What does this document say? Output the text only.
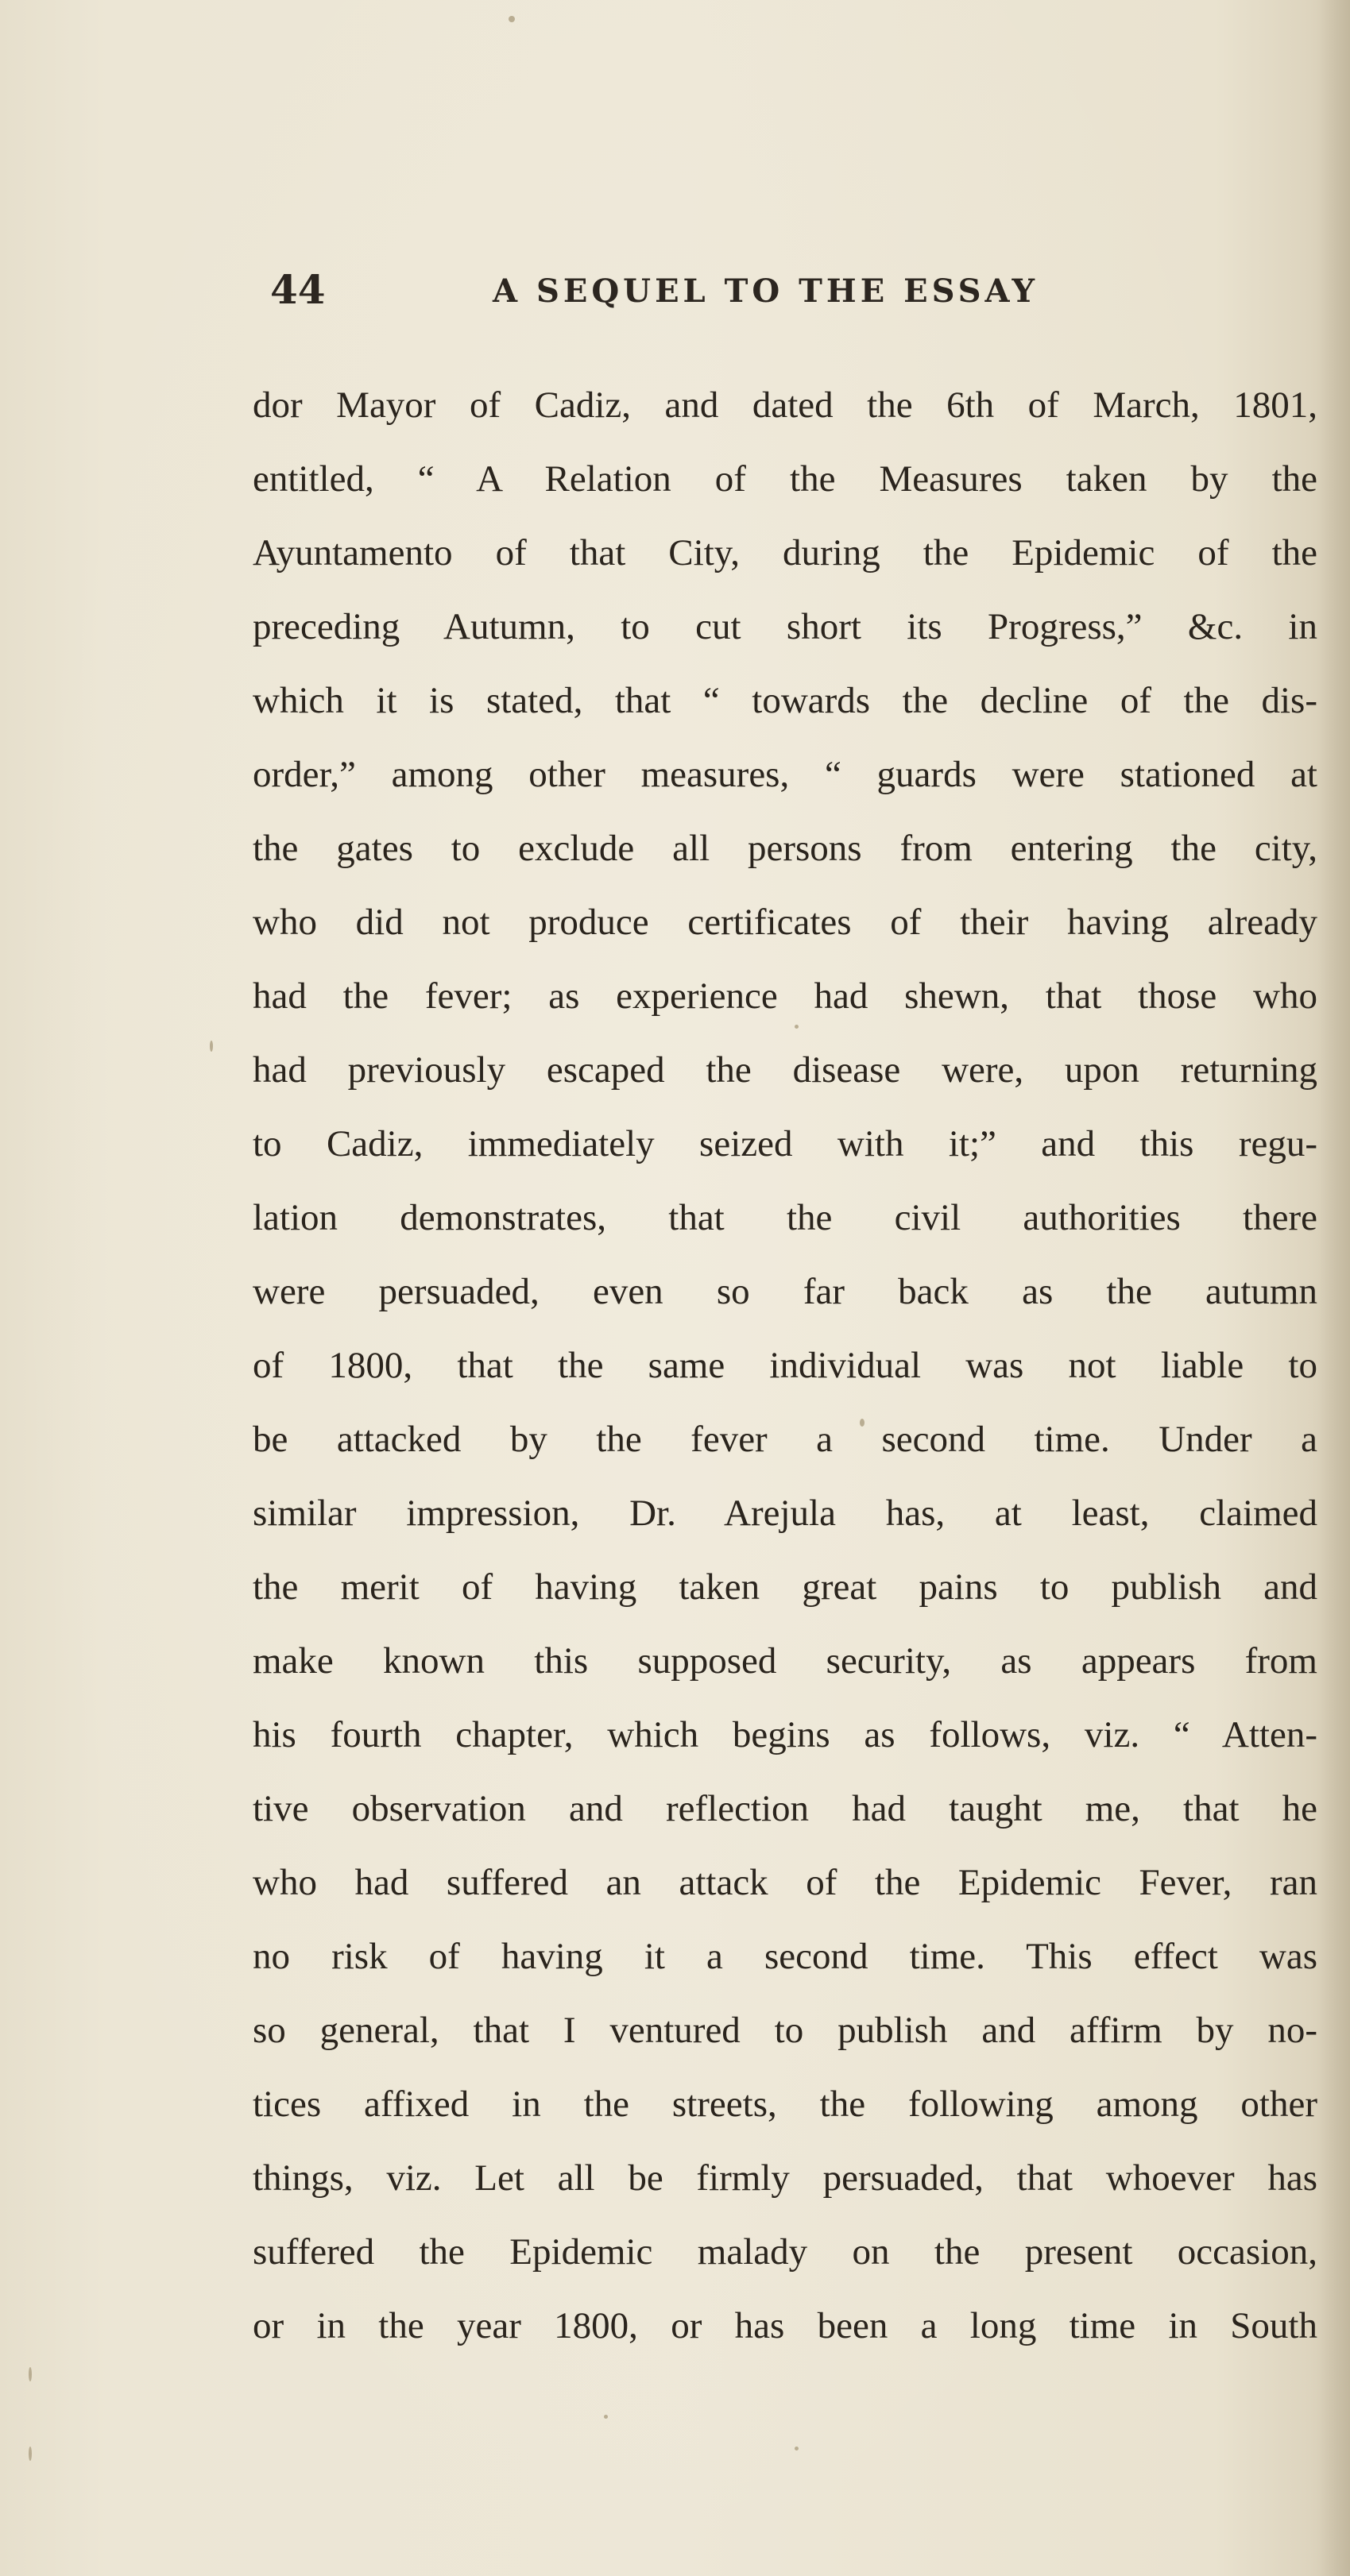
44	A SEQUEL TO THE ESSAY
dor Mayor of Cadiz, and dated the 6th of March, 1801,
entitled, “ A Relation of the Measures taken by the
Ayuntamento of that City, during the Epidemic of the
preceding Autumn, to cut short its Progress,” &c. in
which it is stated, that “ towards the decline of the dis-
order,” among other measures, “ guards were stationed at
the gates to exclude all persons from entering the city,
who did not produce certificates of their having already
had the fever; as experience had shewn, that those who
had previously escaped the disease were, upon returning
to Cadiz, immediately seized with it;” and this regu-
lation demonstrates, that the civil authorities there
were persuaded, even so far back as the autumn
of 1800, that the same individual was not liable to
be attacked by the fever a second time. Under a
similar impression, Dr. Arejula has, at least, claimed
the merit of having taken great pains to publish and
make known this supposed security, as appears from
his fourth chapter, which begins as follows, viz. “ Atten-
tive observation and reflection had taught me, that he
who had suffered an attack of the Epidemic Fever, ran
no risk of having it a second time. This effect was
so general, that I ventured to publish and affirm by no-
tices affixed in the streets, the following among other
things, viz. Let all be firmly persuaded, that whoever has
suffered the Epidemic malady on the present occasion,
or in the year 1800, or has been a long time in South
